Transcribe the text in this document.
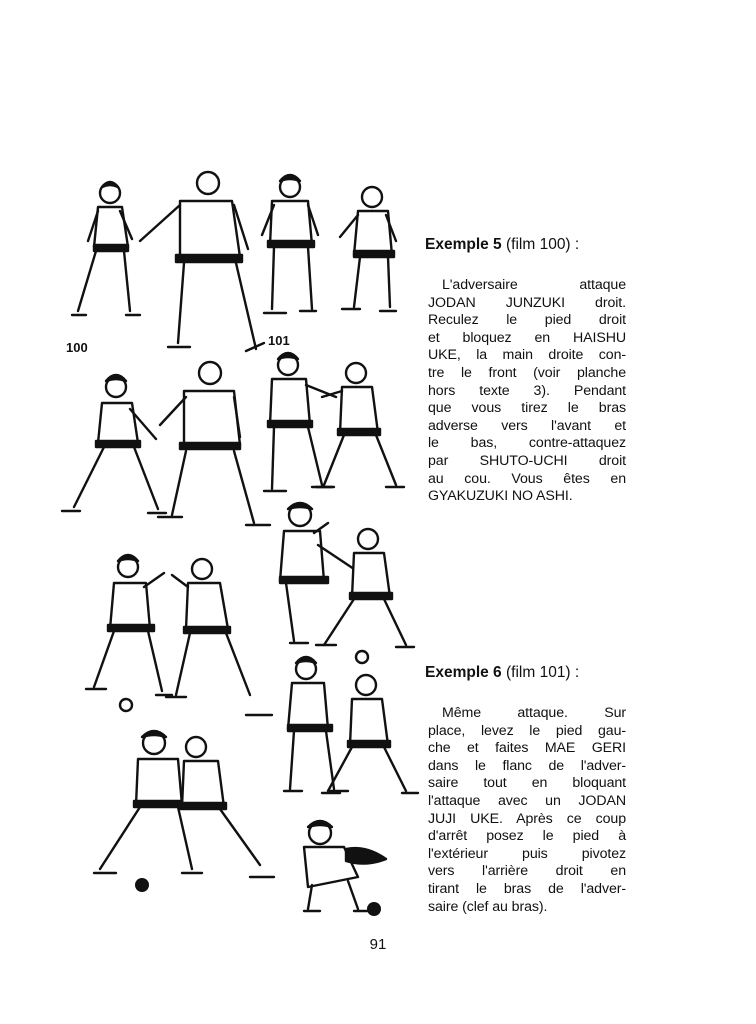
100	101
Exemple 5 (film 100) :
L'adversaire attaque
JODAN JUNZUKI droit.
Reculez le pied droit
et bloquez en HAISHU
UKE, la main droite con-
tre le front (voir planche
hors texte 3). Pendant
que vous tirez le bras
adverse vers l'avant et
le bas, contre-attaquez
par SHUTO-UCHI droit
au cou. Vous êtes en
GYAKUZUKI NO ASHI.
Exemple 6 (film 101) :
Même attaque. Sur
place, levez le pied gau-
che et faites MAE GERI
dans le flanc de l'adver-
saire tout en bloquant
l'attaque avec un JODAN
JUJI UKE. Après ce coup
d'arrêt posez le pied à
l'extérieur puis pivotez
vers l'arrière droit en
tirant le bras de l'adver-
saire (clef au bras).
91
